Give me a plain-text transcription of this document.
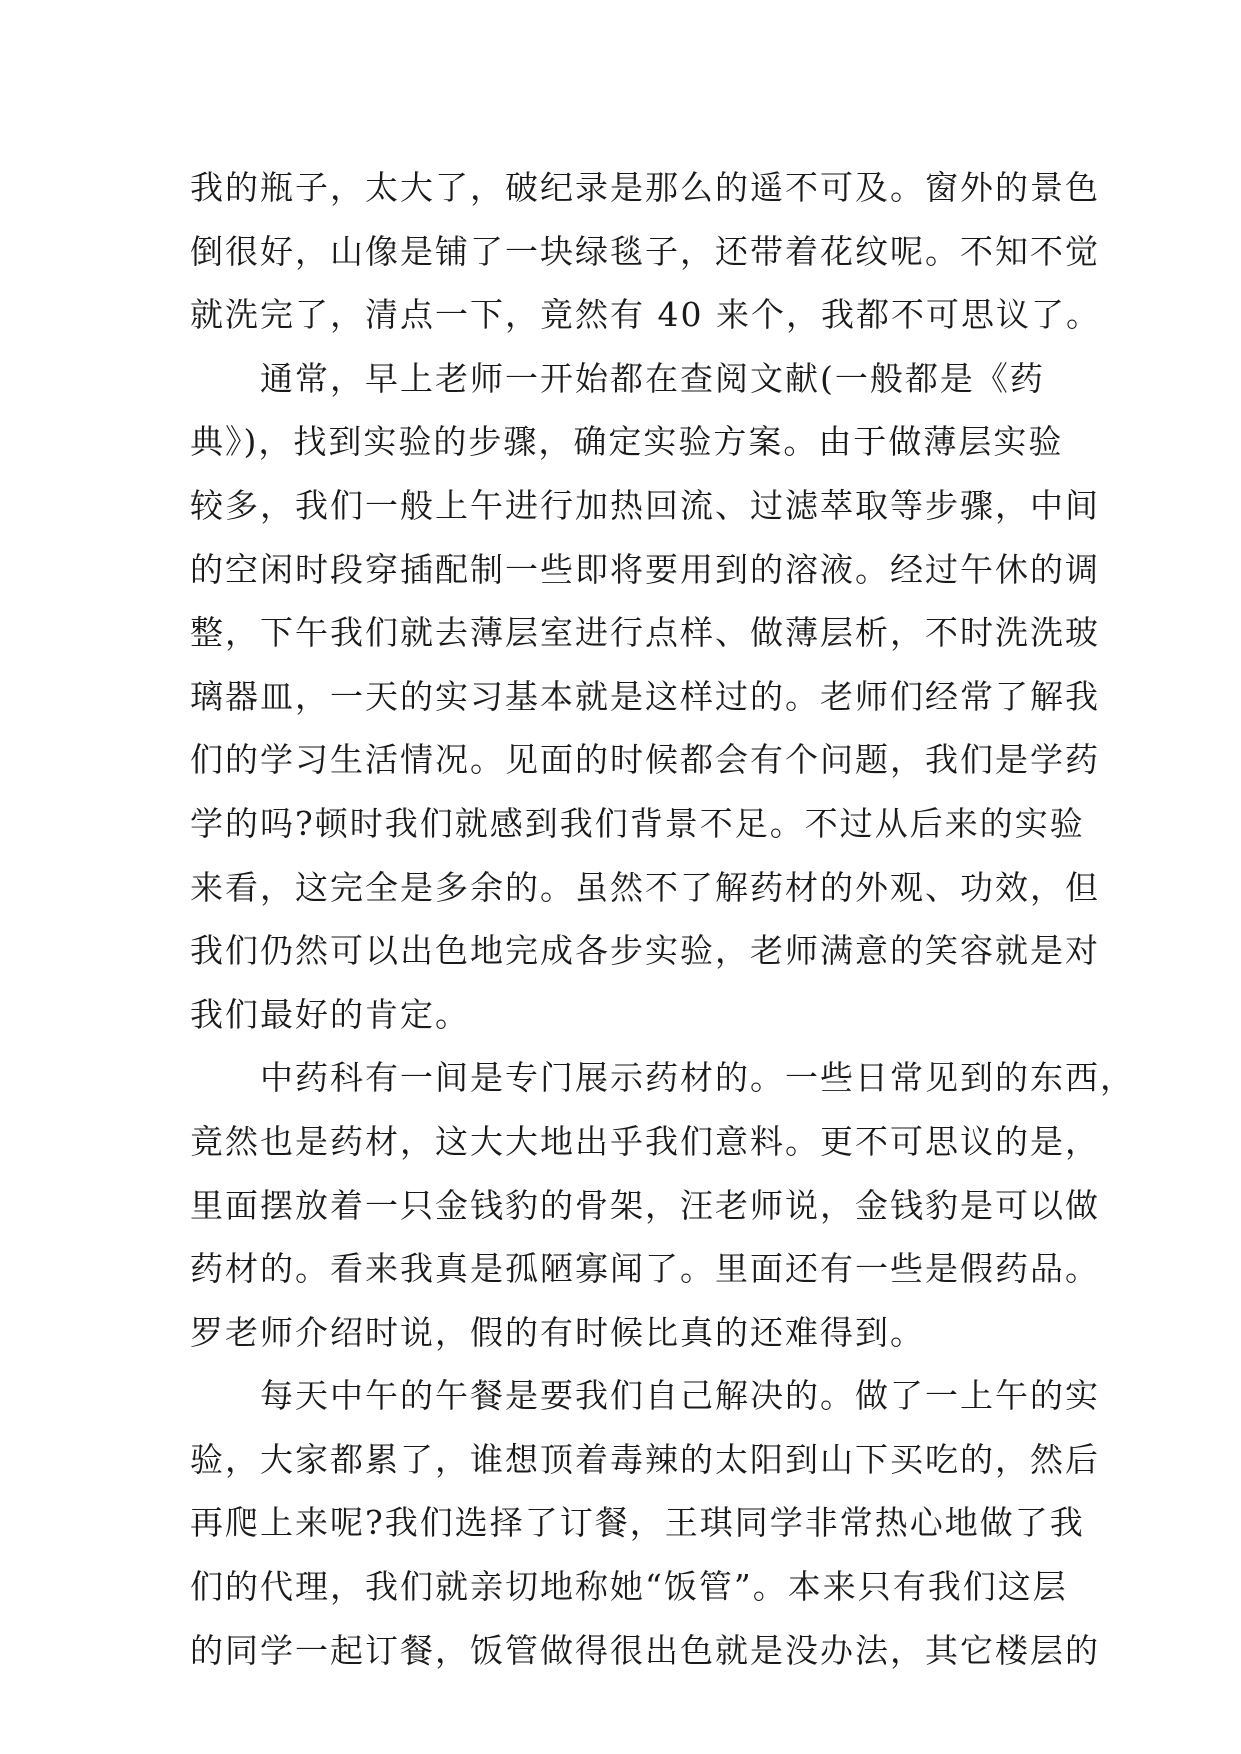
我的瓶子，太大了，破纪录是那么的遥不可及。窗外的景色
倒很好，山像是铺了一块绿毯子，还带着花纹呢。不知不觉
就洗完了，清点一下，竟然有 40 来个，我都不可思议了。
通常，早上老师一开始都在查阅文献(一般都是《药
典》)，找到实验的步骤，确定实验方案。由于做薄层实验
较多，我们一般上午进行加热回流、过滤萃取等步骤，中间
的空闲时段穿插配制一些即将要用到的溶液。经过午休的调
整，下午我们就去薄层室进行点样、做薄层析，不时洗洗玻
璃器皿，一天的实习基本就是这样过的。老师们经常了解我
们的学习生活情况。见面的时候都会有个问题，我们是学药
学的吗?顿时我们就感到我们背景不足。不过从后来的实验
来看，这完全是多余的。虽然不了解药材的外观、功效，但
我们仍然可以出色地完成各步实验，老师满意的笑容就是对
我们最好的肯定。
中药科有一间是专门展示药材的。一些日常见到的东西，
竟然也是药材，这大大地出乎我们意料。更不可思议的是，
里面摆放着一只金钱豹的骨架，汪老师说，金钱豹是可以做
药材的。看来我真是孤陋寡闻了。里面还有一些是假药品。
罗老师介绍时说，假的有时候比真的还难得到。
每天中午的午餐是要我们自己解决的。做了一上午的实
验，大家都累了，谁想顶着毒辣的太阳到山下买吃的，然后
再爬上来呢?我们选择了订餐，王琪同学非常热心地做了我
们的代理，我们就亲切地称她“饭管”。本来只有我们这层
的同学一起订餐，饭管做得很出色就是没办法，其它楼层的
